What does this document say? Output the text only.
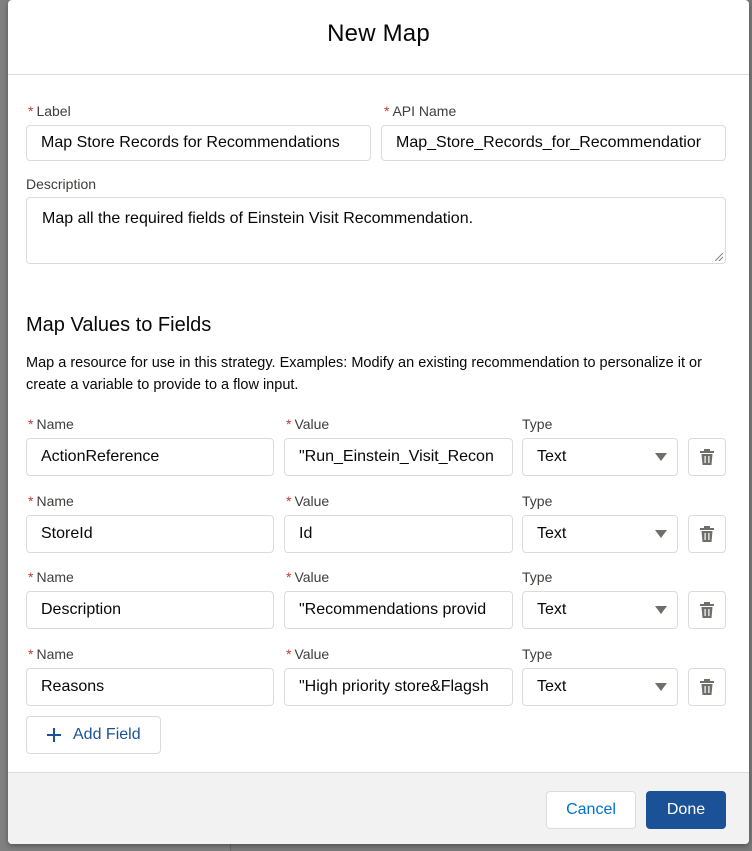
New Map
* Label
Map Store Records for Recommendations
* API Name
Map_Store_Records_for_Recommendatior
Description
Map all the required fields of Einstein Visit Recommendation.
Map Values to Fields
Map a resource for use in this strategy. Examples: Modify an existing recommendation to personalize it or create a variable to provide to a flow input.
* Name	* Value	Type
ActionReference	"Run_Einstein_Visit_Recon	Text
* Name	* Value	Type
StoreId	Id	Text
* Name	* Value	Type
Description	"Recommendations provid	Text
* Name	* Value	Type
Reasons	"High priority store&Flagsh	Text
Add Field
Cancel	Done
